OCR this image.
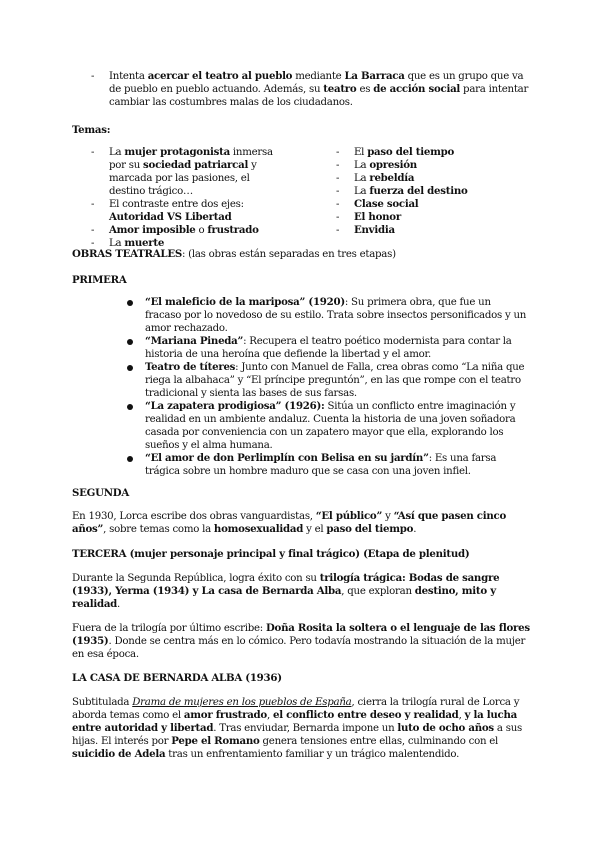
- Intenta acercar el teatro al pueblo mediante La Barraca que es un grupo que va de pueblo en pueblo actuando. Además, su teatro es de acción social para intentar cambiar las costumbres malas de los ciudadanos.
Temas:
-	La mujer protagonista inmersa por su sociedad patriarcal y marcada por las pasiones, el destino trágico…
-	El contraste entre dos ejes: Autoridad VS Libertad
-	Amor imposible o frustrado
-	La muerte
-	El paso del tiempo
-	La opresión
-	La rebeldía
-	La fuerza del destino
-	Clase social
-	El honor
-	Envidia
OBRAS TEATRALES: (las obras están separadas en tres etapas)
PRIMERA
“El maleficio de la mariposa” (1920): Su primera obra, que fue un fracaso por lo novedoso de su estilo. Trata sobre insectos personificados y un amor rechazado.
“Mariana Pineda”: Recupera el teatro poético modernista para contar la historia de una heroína que defiende la libertad y el amor.
Teatro de títeres: Junto con Manuel de Falla, crea obras como “La niña que riega la albahaca” y “El príncipe preguntón”, en las que rompe con el teatro tradicional y sienta las bases de sus farsas.
“La zapatera prodigiosa” (1926): Sitúa un conflicto entre imaginación y realidad en un ambiente andaluz. Cuenta la historia de una joven soñadora casada por conveniencia con un zapatero mayor que ella, explorando los sueños y el alma humana.
“El amor de don Perlimplín con Belisa en su jardín”: Es una farsa trágica sobre un hombre maduro que se casa con una joven infiel.
SEGUNDA
En 1930, Lorca escribe dos obras vanguardistas, “El público” y “Así que pasen cinco años”, sobre temas como la homosexualidad y el paso del tiempo.
TERCERA (mujer personaje principal y final trágico) (Etapa de plenitud)
Durante la Segunda República, logra éxito con su trilogía trágica: Bodas de sangre (1933), Yerma (1934) y La casa de Bernarda Alba, que exploran destino, mito y realidad.
Fuera de la trilogía por último escribe: Doña Rosita la soltera o el lenguaje de las flores (1935). Donde se centra más en lo cómico. Pero todavía mostrando la situación de la mujer en esa época.
LA CASA DE BERNARDA ALBA (1936)
Subtitulada Drama de mujeres en los pueblos de España, cierra la trilogía rural de Lorca y aborda temas como el amor frustrado, el conflicto entre deseo y realidad, y la lucha entre autoridad y libertad. Tras enviudar, Bernarda impone un luto de ocho años a sus hijas. El interés por Pepe el Romano genera tensiones entre ellas, culminando con el suicidio de Adela tras un enfrentamiento familiar y un trágico malentendido.
